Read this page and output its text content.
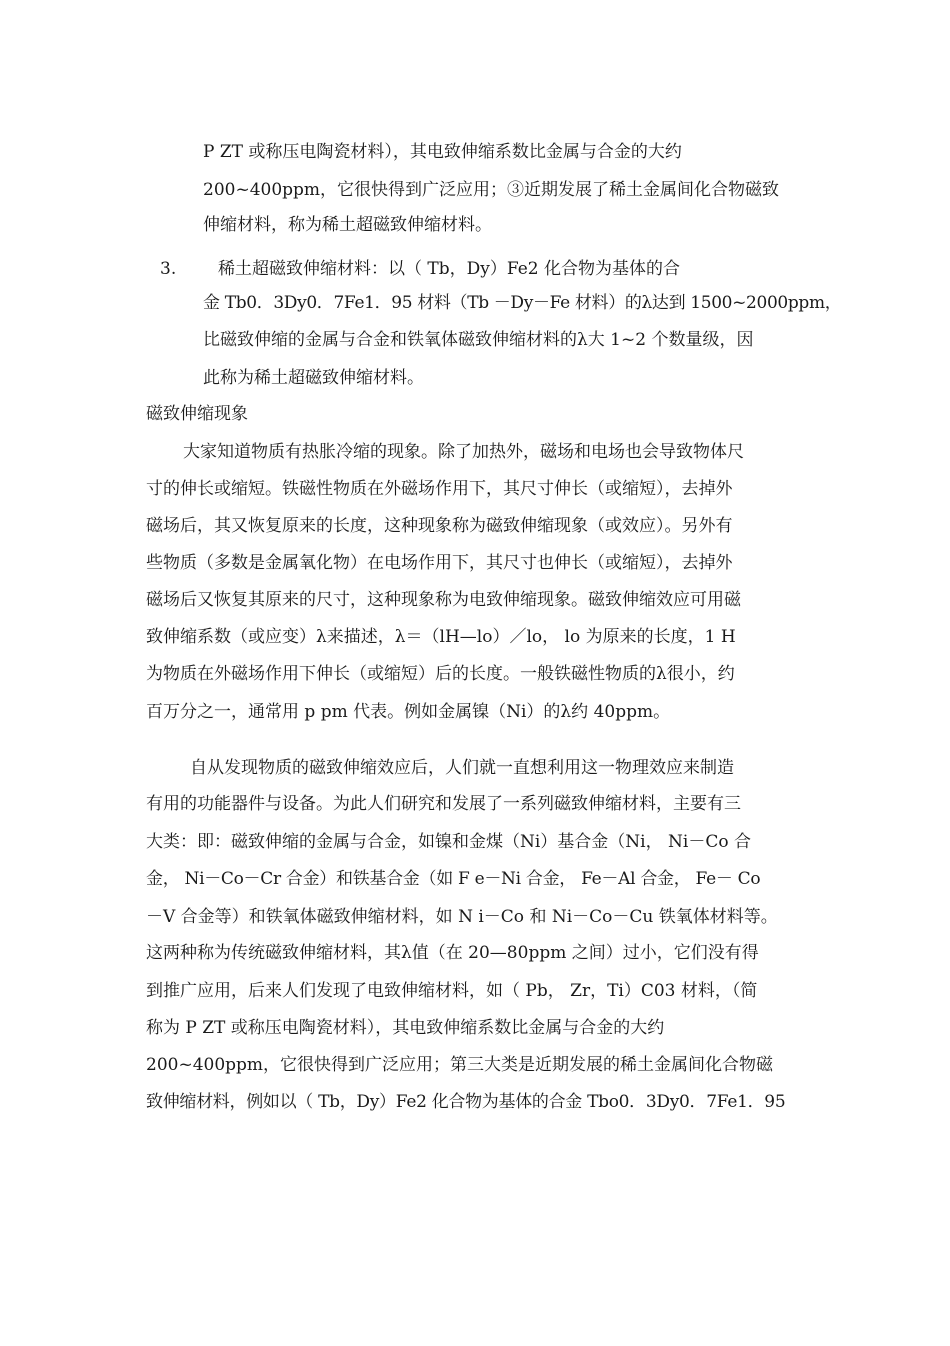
P ZT 或称压电陶瓷材料），其电致伸缩系数比金属与合金的大约
200~400ppm，它很快得到广泛应用；③近期发展了稀土金属间化合物磁致
伸缩材料，称为稀土超磁致伸缩材料。
3. 稀土超磁致伸缩材料：以（ Tb，Dy）Fe2 化合物为基体的合
金 Tb0．3Dy0．7Fe1．95 材料（Tb －Dy－Fe 材料）的λ达到 1500~2000ppm，
比磁致伸缩的金属与合金和铁氧体磁致伸缩材料的λ大 1~2 个数量级，因
此称为稀土超磁致伸缩材料。
磁致伸缩现象
大家知道物质有热胀冷缩的现象。除了加热外，磁场和电场也会导致物体尺
寸的伸长或缩短。铁磁性物质在外磁场作用下，其尺寸伸长（或缩短），去掉外
磁场后，其又恢复原来的长度，这种现象称为磁致伸缩现象（或效应）。另外有
些物质（多数是金属氧化物）在电场作用下，其尺寸也伸长（或缩短），去掉外
磁场后又恢复其原来的尺寸，这种现象称为电致伸缩现象。磁致伸缩效应可用磁
致伸缩系数（或应变）λ来描述，λ＝（lH—lo）／lo， lo 为原来的长度，1 H
为物质在外磁场作用下伸长（或缩短）后的长度。一般铁磁性物质的λ很小，约
百万分之一，通常用 p pm 代表。例如金属镍（Ni）的λ约 40ppm。
自从发现物质的磁致伸缩效应后，人们就一直想利用这一物理效应来制造
有用的功能器件与设备。为此人们研究和发展了一系列磁致伸缩材料，主要有三
大类：即：磁致伸缩的金属与合金，如镍和金煤（Ni）基合金（Ni， Ni－Co 合
金， Ni－Co－Cr 合金）和铁基合金（如 F e－Ni 合金， Fe－Al 合金， Fe－ Co
－V 合金等）和铁氧体磁致伸缩材料，如 N i－Co 和 Ni－Co－Cu 铁氧体材料等。
这两种称为传统磁致伸缩材料，其λ值（在 20—80ppm 之间）过小，它们没有得
到推广应用，后来人们发现了电致伸缩材料，如（ Pb， Zr，Ti）C03 材料，（简
称为 P ZT 或称压电陶瓷材料），其电致伸缩系数比金属与合金的大约
200~400ppm，它很快得到广泛应用；第三大类是近期发展的稀土金属间化合物磁
致伸缩材料，例如以（ Tb，Dy）Fe2 化合物为基体的合金 Tbo0．3Dy0．7Fe1．95
